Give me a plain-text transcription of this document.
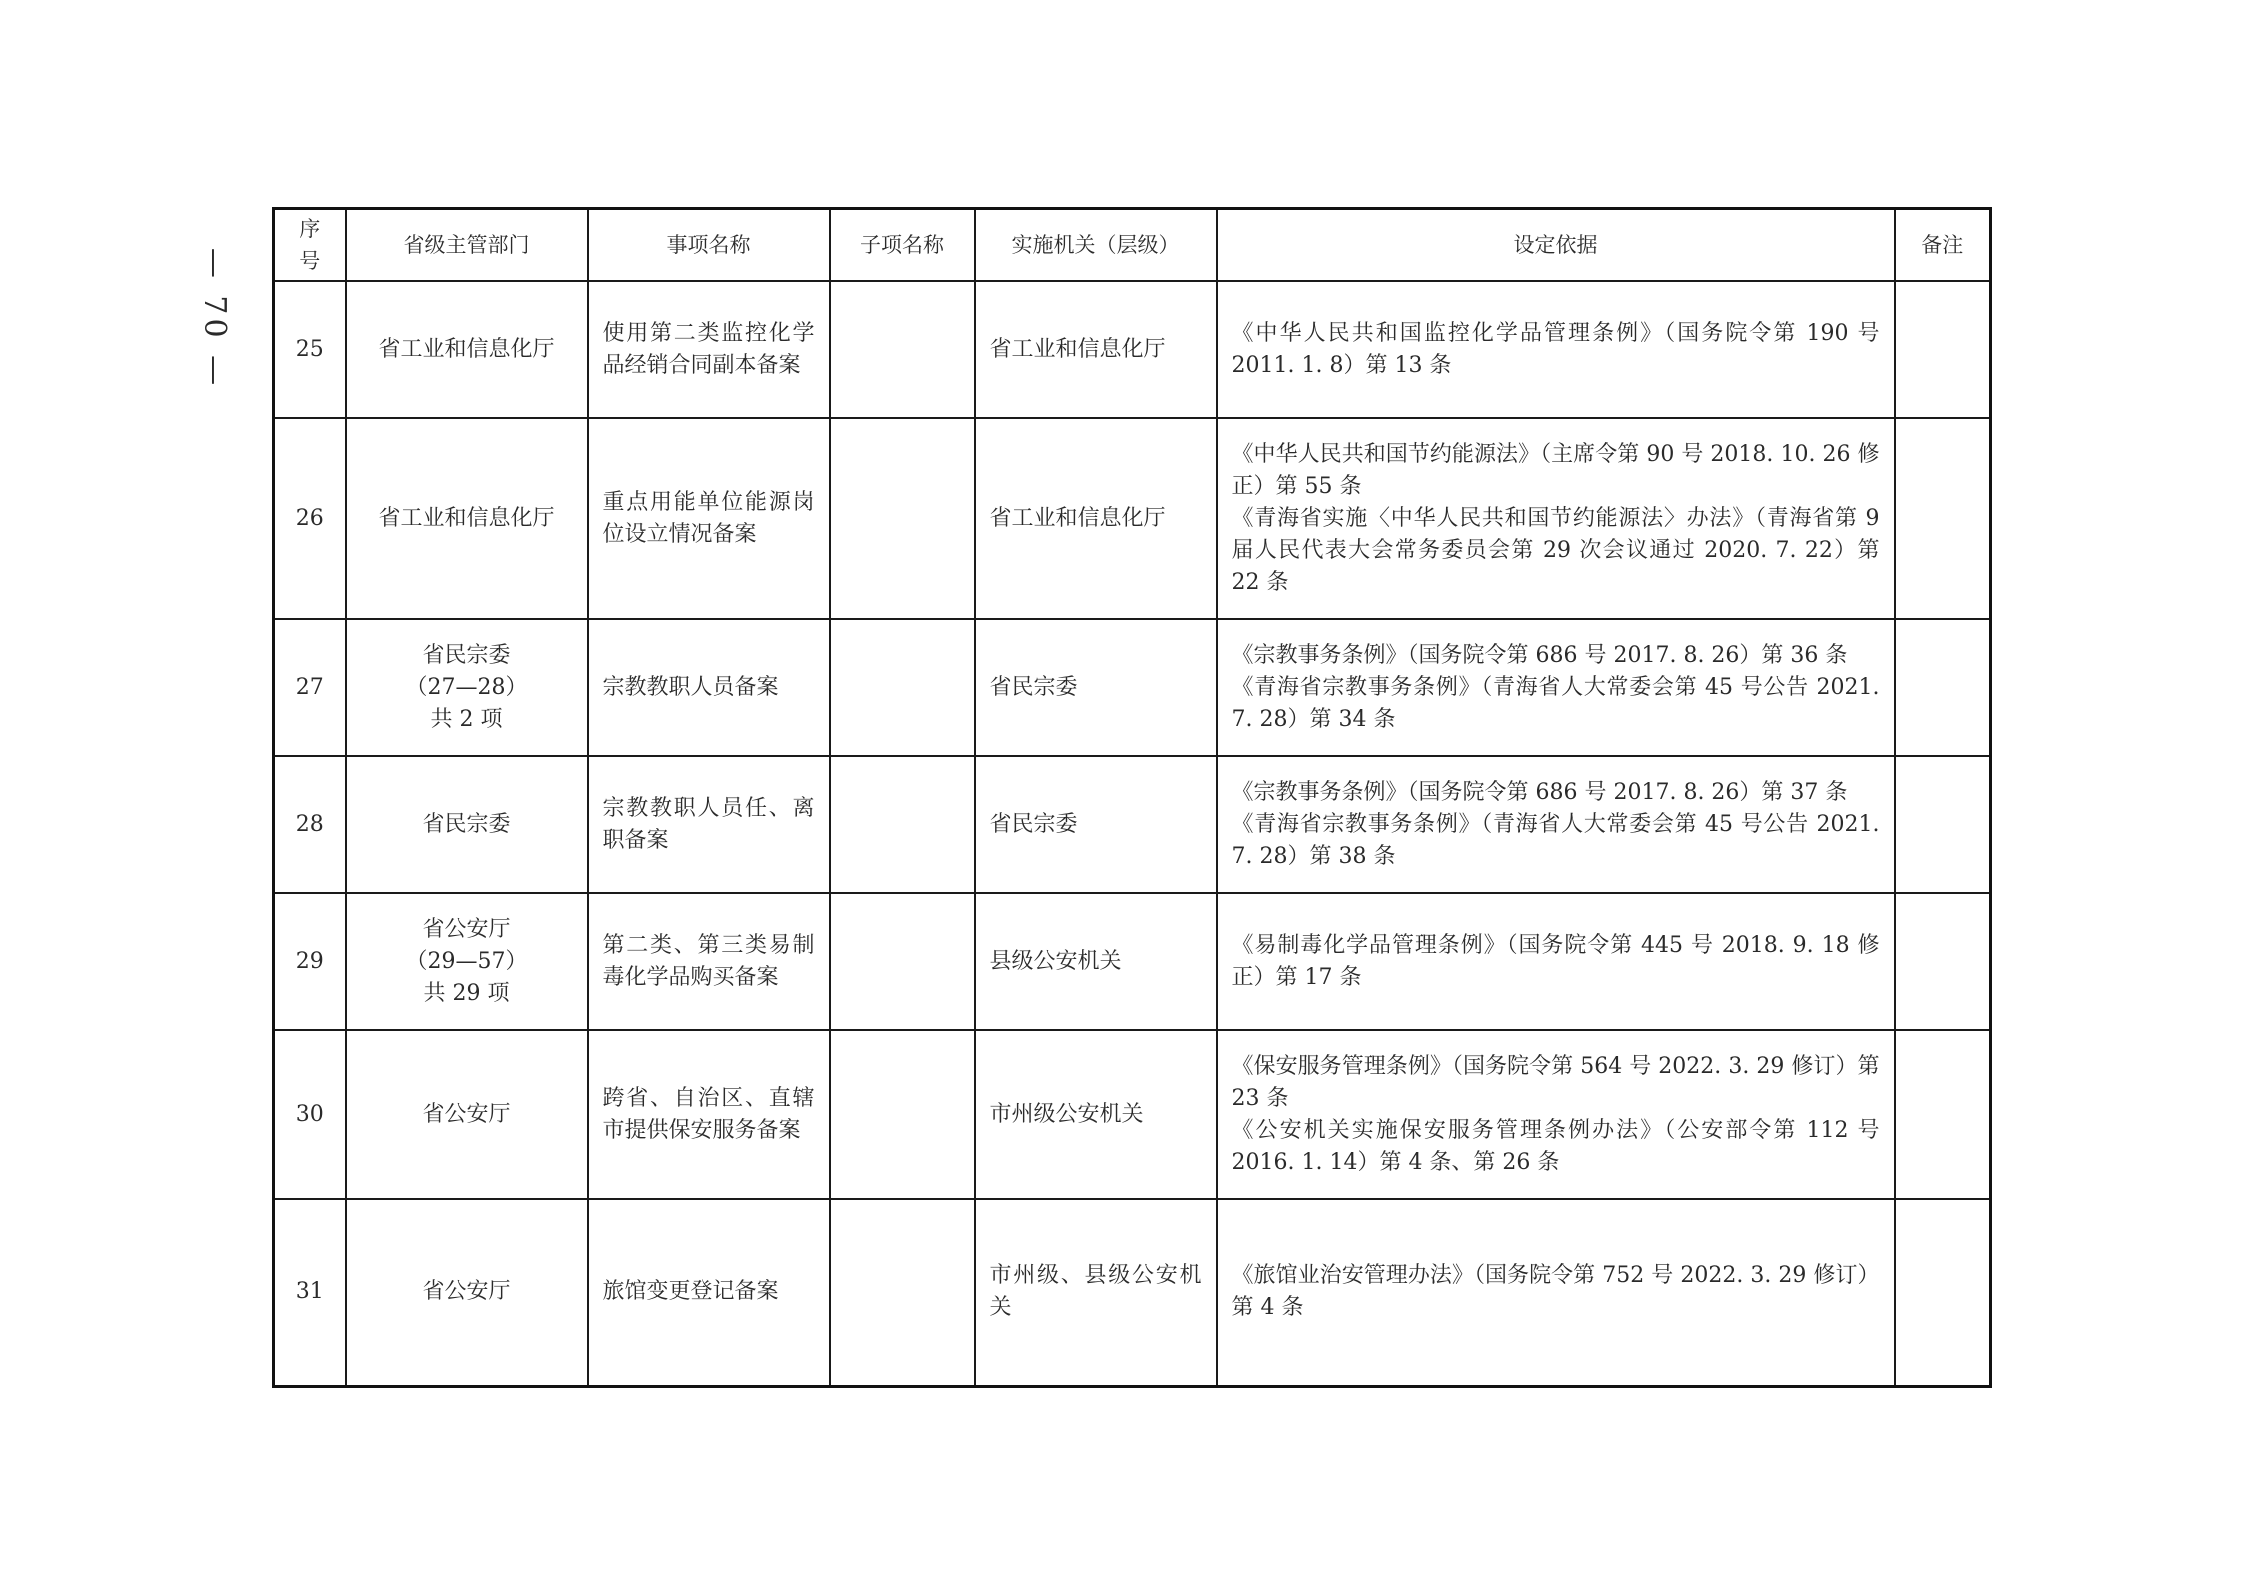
— 70 —
序号	省级主管部门	事项名称	子项名称	实施机关（层级）	设定依据	备注
25	省工业和信息化厅	使用第二类监控化学品经销合同副本备案		省工业和信息化厅	《中华人民共和国监控化学品管理条例》（国务院令第 190 号 2011. 1. 8）第 13 条	

26	省工业和信息化厅	重点用能单位能源岗位设立情况备案		省工业和信息化厅	《中华人民共和国节约能源法》（主席令第 90 号 2018. 10. 26 修正）第 55 条
《青海省实施〈中华人民共和国节约能源法〉办法》（青海省第 9 届人民代表大会常务委员会第 29 次会议通过 2020. 7. 22）第 22 条	

27	省民宗委
（27—28）
共 2 项	宗教教职人员备案		省民宗委	《宗教事务条例》（国务院令第 686 号 2017. 8. 26）第 36 条
《青海省宗教事务条例》（青海省人大常委会第 45 号公告 2021. 7. 28）第 34 条	

28	省民宗委	宗教教职人员任、离职备案		省民宗委	《宗教事务条例》（国务院令第 686 号 2017. 8. 26）第 37 条
《青海省宗教事务条例》（青海省人大常委会第 45 号公告 2021. 7. 28）第 38 条	

29	省公安厅
（29—57）
共 29 项	第二类、第三类易制毒化学品购买备案		县级公安机关	《易制毒化学品管理条例》（国务院令第 445 号 2018. 9. 18 修正）第 17 条	

30	省公安厅	跨省、自治区、直辖市提供保安服务备案		市州级公安机关	《保安服务管理条例》（国务院令第 564 号 2022. 3. 29 修订）第 23 条
《公安机关实施保安服务管理条例办法》（公安部令第 112 号 2016. 1. 14）第 4 条、第 26 条	

31	省公安厅	旅馆变更登记备案		市州级、县级公安机关	《旅馆业治安管理办法》（国务院令第 752 号 2022. 3. 29 修订）第 4 条	
